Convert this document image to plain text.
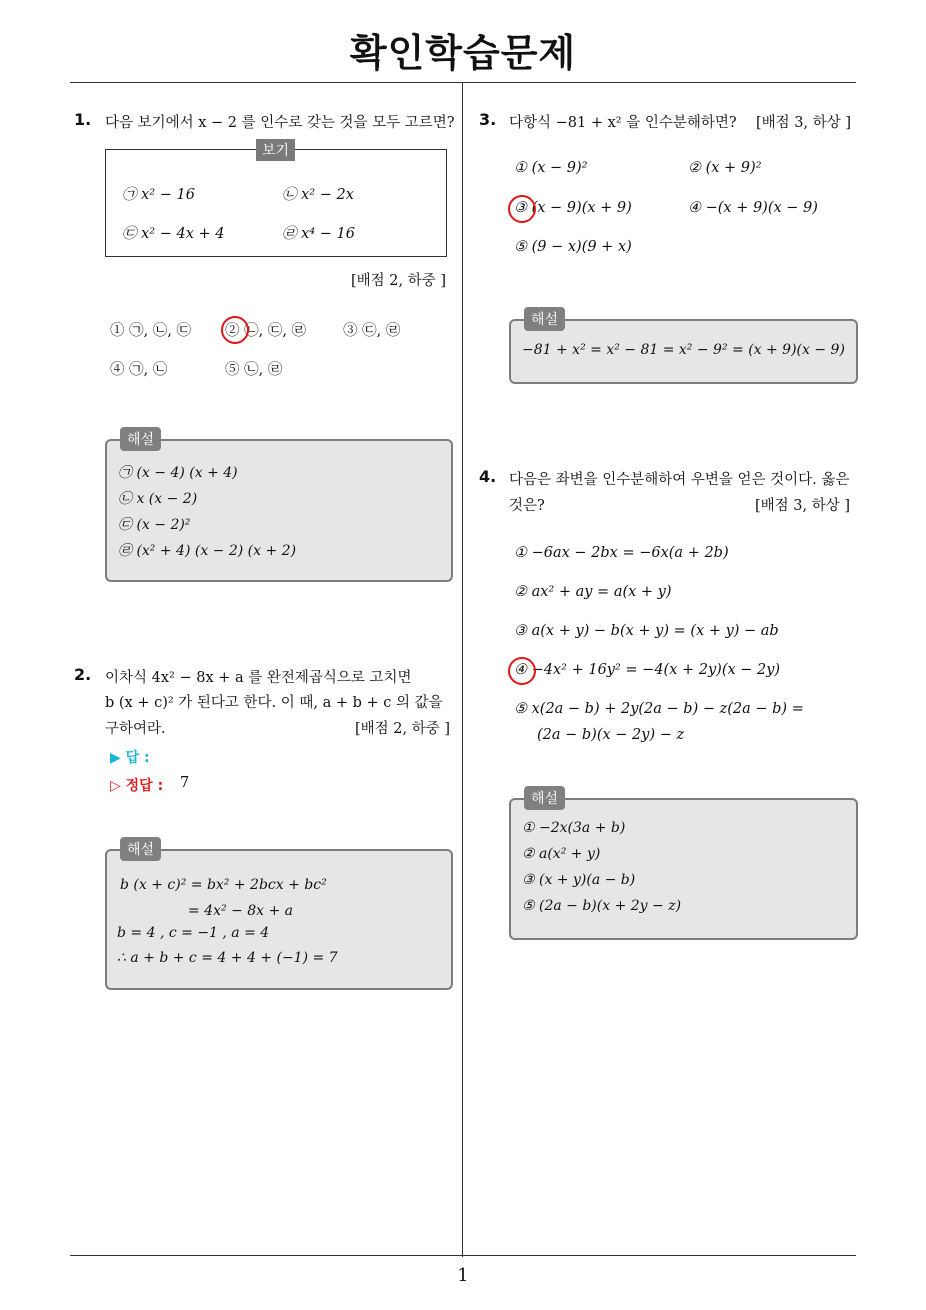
확인학습문제
1. 다음 보기에서 x − 2 를 인수로 갖는 것을 모두 고르면?
보기
㉠ x² − 16	㉡ x² − 2x
㉢ x² − 4x + 4	㉣ x⁴ − 16
[배점 2, 하중 ]
① ㉠, ㉡, ㉢ ② ㉡, ㉢, ㉣	③ ㉢, ㉣
④ ㉠, ㉡	⑤ ㉡, ㉣
해설
㉠ (x − 4) (x + 4)
㉡ x (x − 2)
㉢ (x − 2)²
㉣ (x² + 4) (x − 2) (x + 2)
2. 이차식 4x² − 8x + a 를 완전제곱식으로 고치면
b (x + c)² 가 된다고 한다. 이 때, a + b + c 의 값을
구하여라.	[배점 2, 하중 ]
▶ 답 :
▷ 정답 : 7
해설
b (x + c)² = bx² + 2bcx + bc²
= 4x² − 8x + a
b = 4 , c = −1 , a = 4
∴ a + b + c = 4 + 4 + (−1) = 7
3. 다항식 −81 + x² 을 인수분해하면? [배점 3, 하상 ]
① (x − 9)²	② (x + 9)²
③ (x − 9)(x + 9)	④ −(x + 9)(x − 9)
⑤ (9 − x)(9 + x)
해설
−81 + x² = x² − 81 = x² − 9² = (x + 9)(x − 9)
4. 다음은 좌변을 인수분해하여 우변을 얻은 것이다. 옳은
것은?	[배점 3, 하상 ]
① −6ax − 2bx = −6x(a + 2b)
② ax² + ay = a(x + y)
③ a(x + y) − b(x + y) = (x + y) − ab
④ −4x² + 16y² = −4(x + 2y)(x − 2y)
⑤ x(2a − b) + 2y(2a − b) − z(2a − b) =
(2a − b)(x − 2y) − z
해설
① −2x(3a + b)
② a(x² + y)
③ (x + y)(a − b)
⑤ (2a − b)(x + 2y − z)
1
